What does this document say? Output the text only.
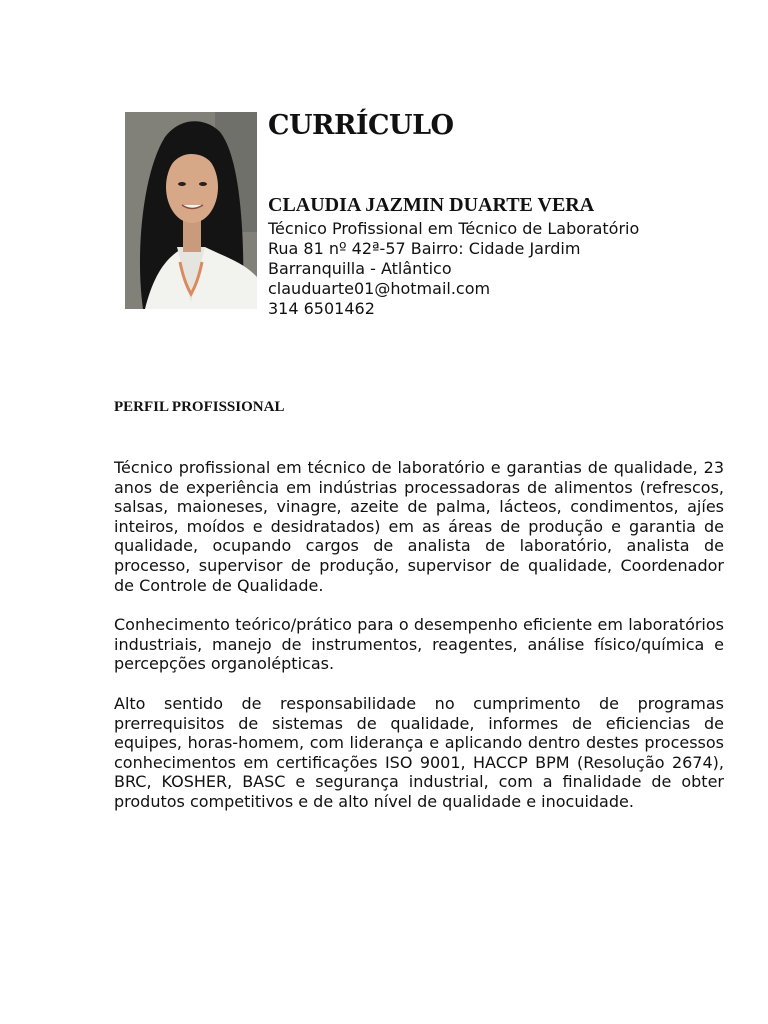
CURRÍCULO
CLAUDIA JAZMIN DUARTE VERA
Técnico Profissional em Técnico de Laboratório
Rua 81 nº 42ª-57 Bairro: Cidade Jardim
Barranquilla - Atlântico
clauduarte01@hotmail.com
314 6501462
PERFIL PROFISSIONAL

Técnico profissional em técnico de laboratório e garantias de qualidade, 23 anos de experiência em indústrias processadoras de alimentos (refrescos, salsas, maioneses, vinagre, azeite de palma, lácteos, condimentos, ajíes inteiros, moídos e desidratados) em as áreas de produção e garantia de qualidade, ocupando cargos de analista de laboratório, analista de processo, supervisor de produção, supervisor de qualidade, Coordenador de Controle de Qualidade.

Conhecimento teórico/prático para o desempenho eficiente em laboratórios industriais, manejo de instrumentos, reagentes, análise físico/química e percepções organolépticas.

Alto sentido de responsabilidade no cumprimento de programas prerrequisitos de sistemas de qualidade, informes de eficiencias de equipes, horas-homem, com liderança e aplicando dentro destes processos conhecimentos em certificações ISO 9001, HACCP BPM (Resolução 2674), BRC, KOSHER, BASC e segurança industrial, com a finalidade de obter produtos competitivos e de alto nível de qualidade e inocuidade.
